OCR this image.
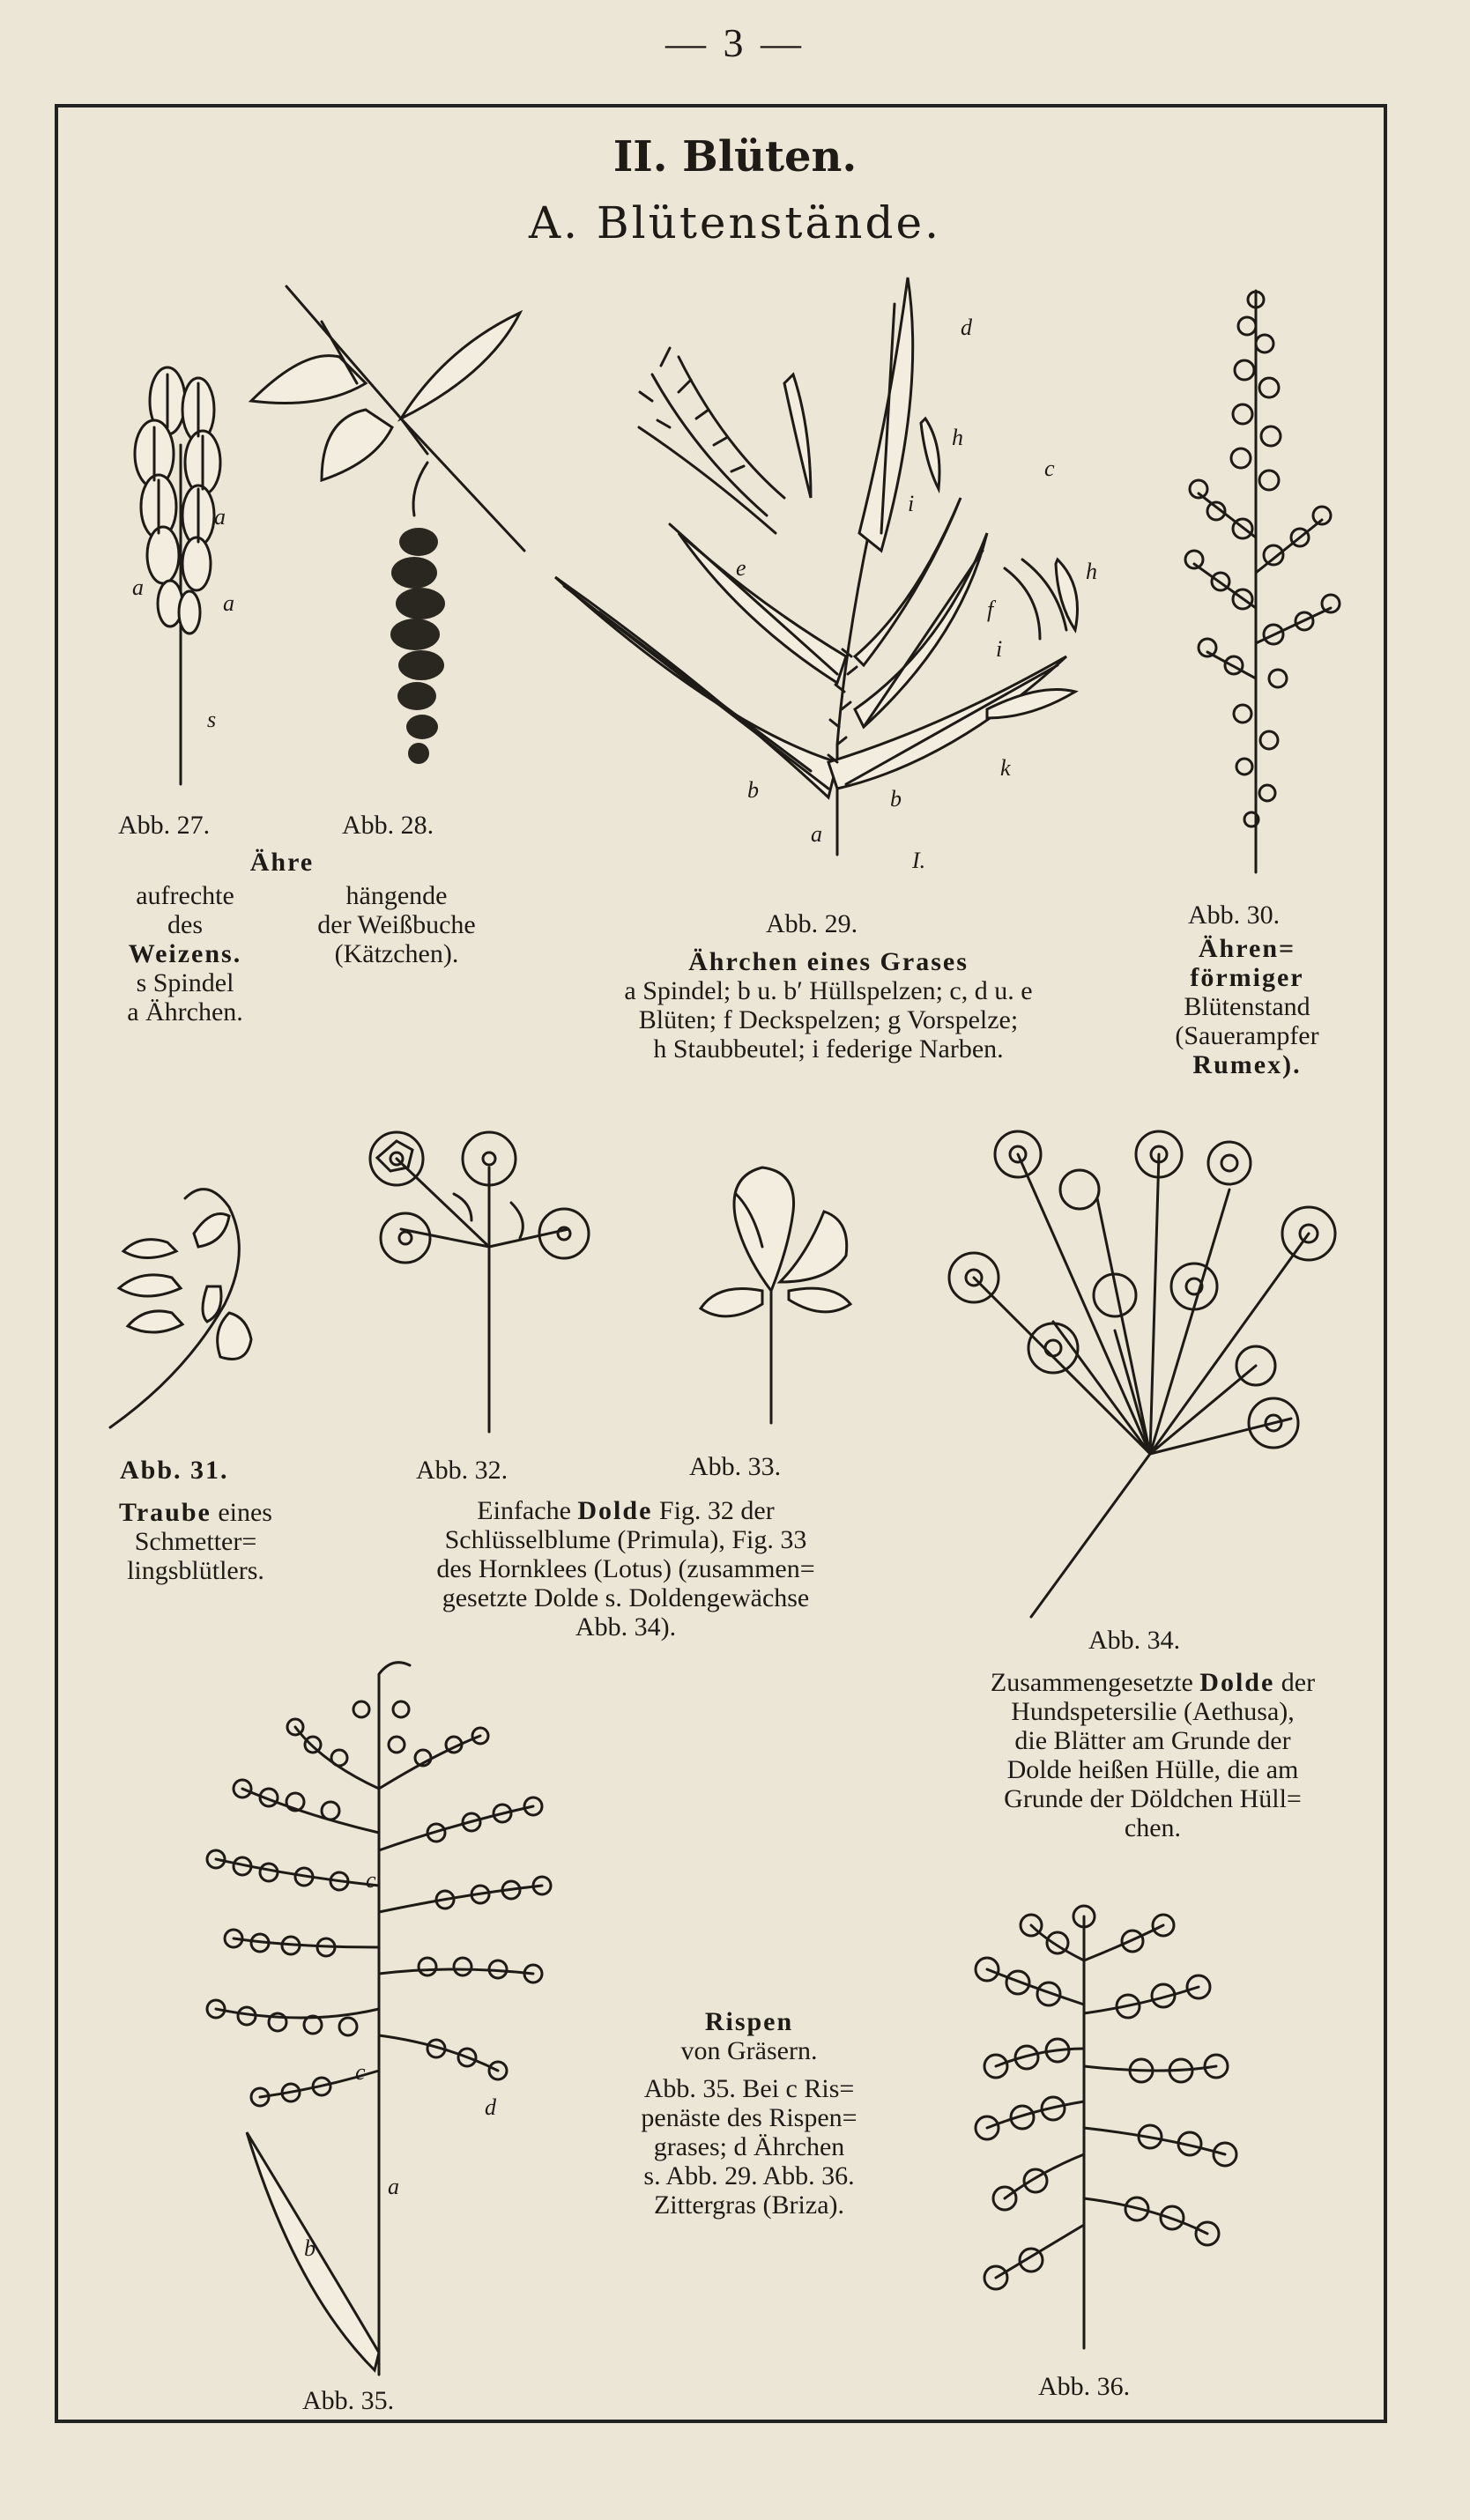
— 3 —
II. Blüten.
A. Blütenstände.
a
a
a
s
Abb. 27.	Abb. 28.
Ähre
aufrechte
des
Weizens.
s Spindel
a Ährchen.
hängende
der Weißbuche
(Kätzchen).
d
h
c
e	h
i
i
f
k
b	b
a
I.
Abb. 29.
Ährchen eines Grases
a Spindel; b u. b′ Hüllspelzen; c, d u. e
Blüten; f Deckspelzen; g Vorspelze;
h Staubbeutel; i federige Narben.
Abb. 30.
Ähren=
förmiger
Blütenstand
(Sauerampfer
Rumex).
Abb. 31.
Traube eines
Schmetter=
lingsblütlers.
Abb. 32.	Abb. 33.
Einfache Dolde Fig. 32 der
Schlüsselblume (Primula), Fig. 33
des Hornklees (Lotus) (zusammen=
gesetzte Dolde s. Doldengewächse
Abb. 34).	Abb. 34.
Zusammengesetzte Dolde der
Hundspetersilie (Aethusa),
die Blätter am Grunde der
Dolde heißen Hülle, die am
Grunde der Döldchen Hüll=
chen.
c
c
d
a
b
Abb. 35.
Rispen
von Gräsern.
Abb. 35. Bei c Ris=
penäste des Rispen=
grases; d Ährchen
s. Abb. 29. Abb. 36.
Zittergras (Briza).
Abb. 36.
